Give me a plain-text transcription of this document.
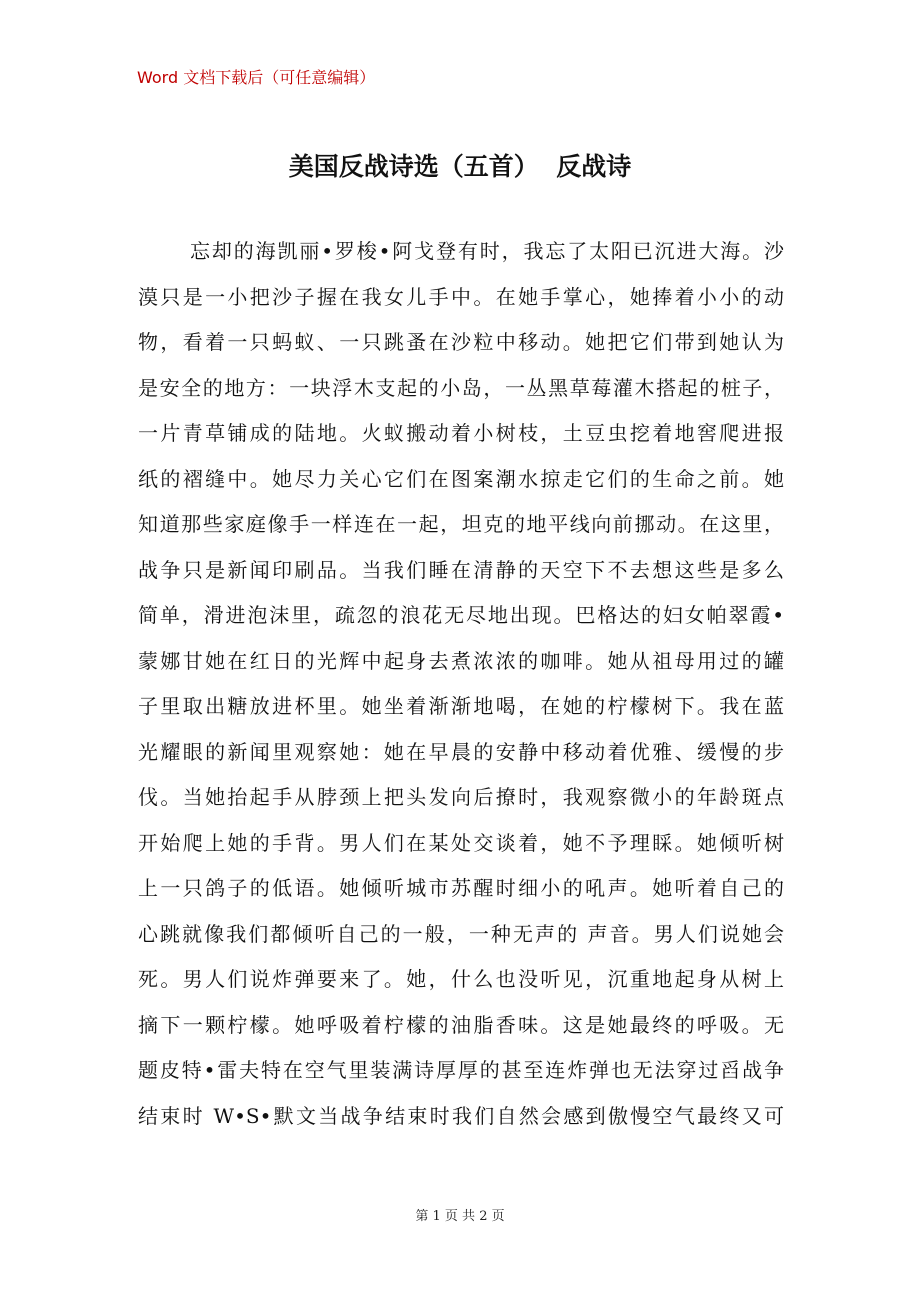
Word 文档下载后（可任意编辑）
美国反战诗选（五首）  反战诗
忘却的海凯丽•罗梭•阿戈登有时，我忘了太阳已沉进大海。沙
漠只是一小把沙子握在我女儿手中。在她手掌心，她捧着小小的动
物，看着一只蚂蚁、一只跳蚤在沙粒中移动。她把它们带到她认为
是安全的地方：一块浮木支起的小岛，一丛黑草莓灌木搭起的桩子，
一片青草铺成的陆地。火蚁搬动着小树枝，土豆虫挖着地窖爬进报
纸的褶缝中。她尽力关心它们在图案潮水掠走它们的生命之前。她
知道那些家庭像手一样连在一起，坦克的地平线向前挪动。在这里，
战争只是新闻印刷品。当我们睡在清静的天空下不去想这些是多么
简单，滑进泡沫里，疏忽的浪花无尽地出现。巴格达的妇女帕翠霞•
蒙娜甘她在红日的光辉中起身去煮浓浓的咖啡。她从祖母用过的罐
子里取出糖放进杯里。她坐着渐渐地喝，在她的柠檬树下。我在蓝
光耀眼的新闻里观察她：她在早晨的安静中移动着优雅、缓慢的步
伐。当她抬起手从脖颈上把头发向后撩时，我观察微小的年龄斑点
开始爬上她的手背。男人们在某处交谈着，她不予理睬。她倾听树
上一只鸽子的低语。她倾听城市苏醒时细小的吼声。她听着自己的
心跳就像我们都倾听自己的一般，一种无声的 声音。男人们说她会
死。男人们说炸弹要来了。她，什么也没听见，沉重地起身从树上
摘下一颗柠檬。她呼吸着柠檬的油脂香味。这是她最终的呼吸。无
题皮特•雷夫特在空气里装满诗厚厚的甚至连炸弹也无法穿过舀战争
结束时 W•S•默文当战争结束时我们自然会感到傲慢空气最终又可
第 1 页 共 2 页
